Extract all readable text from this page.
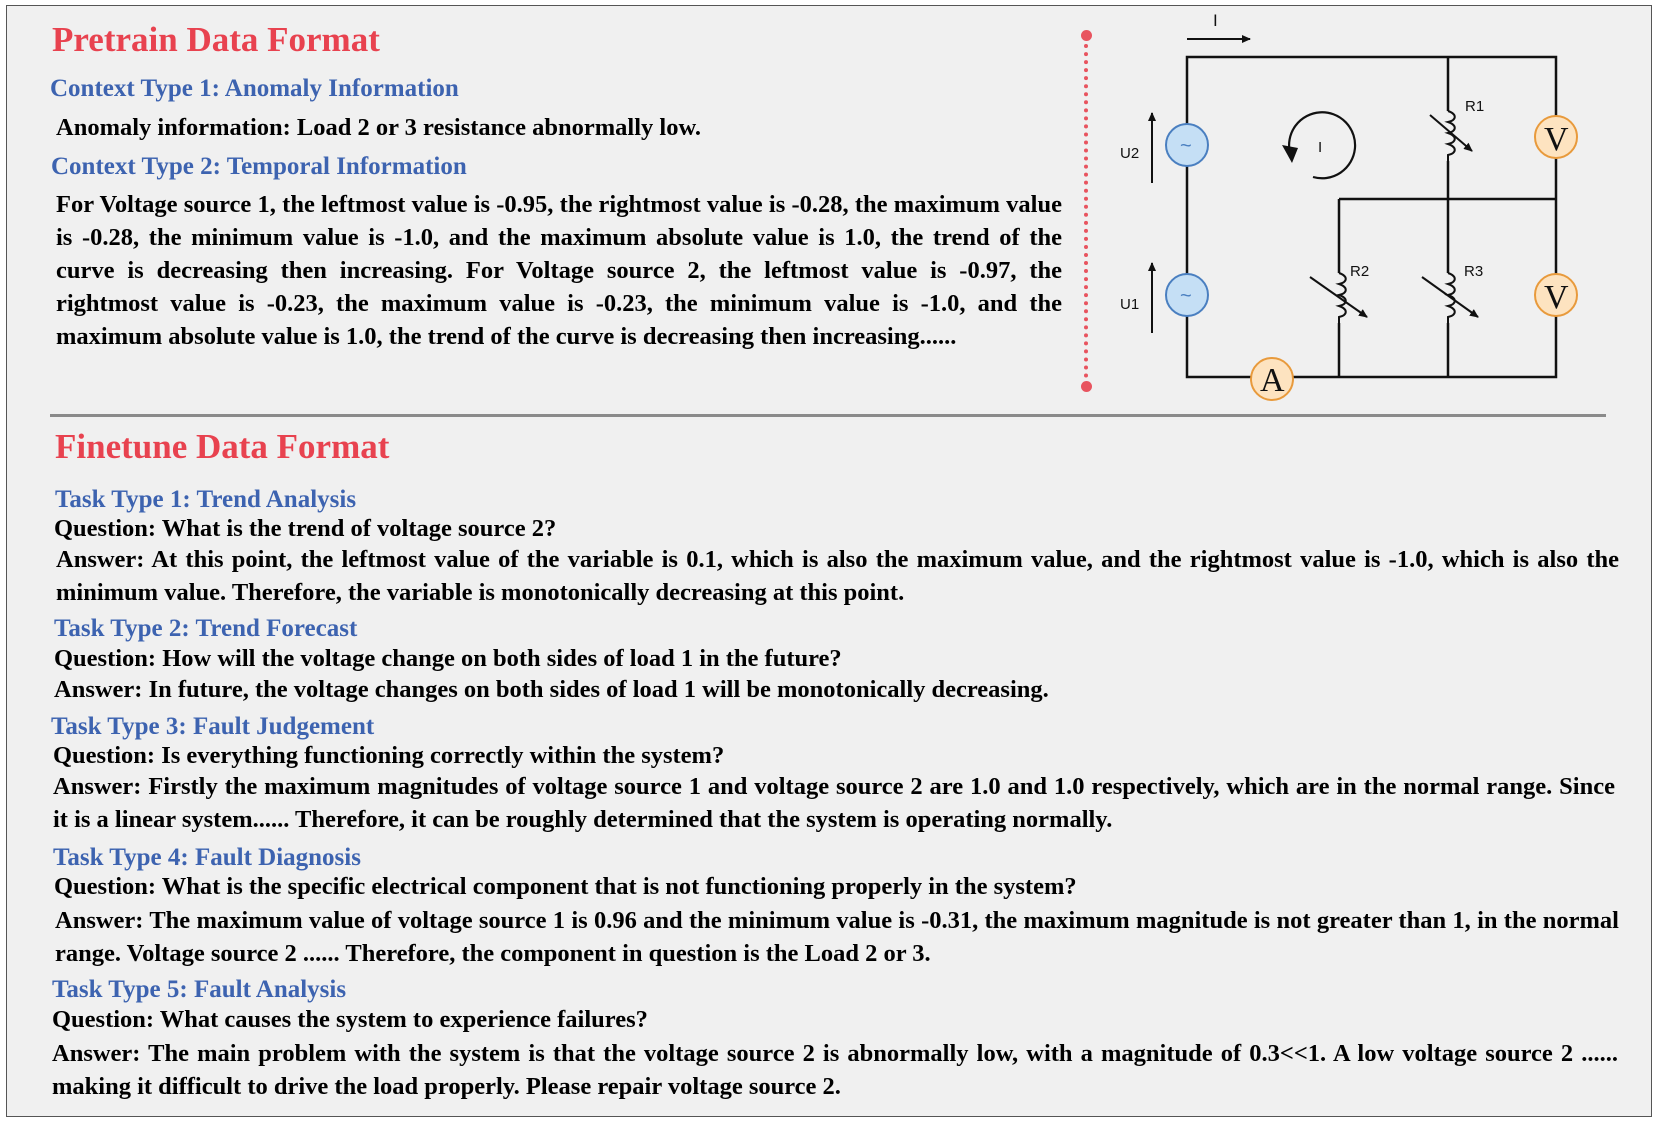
Pretrain Data Format
Context Type 1: Anomaly Information
Anomaly information: Load 2 or 3 resistance abnormally low.
Context Type 2: Temporal Information
For Voltage source 1, the leftmost value is -0.95, the rightmost value is -0.28, the maximum value is -0.28, the minimum value is -1.0, and the maximum absolute value is 1.0, the trend of the curve is decreasing then increasing. For Voltage source 2, the leftmost value is -0.97, the rightmost value is -0.23, the maximum value is -0.23, the minimum value is -1.0, and the maximum absolute value is 1.0, the trend of the curve is decreasing then increasing......
I
I
~
U2
~
U1
R1
R2	R3
V
V
A
Finetune Data Format
Task Type 1: Trend Analysis
Question: What is the trend of voltage source 2?
Answer: At this point, the leftmost value of the variable is 0.1, which is also the maximum value, and the rightmost value is -1.0, which is also the minimum value. Therefore, the variable is monotonically decreasing at this point.
Task Type 2: Trend Forecast
Question: How will the voltage change on both sides of load 1 in the future?
Answer: In future, the voltage changes on both sides of load 1 will be monotonically decreasing.
Task Type 3: Fault Judgement
Question: Is everything functioning correctly within the system?
Answer: Firstly the maximum magnitudes of voltage source 1 and voltage source 2 are 1.0 and 1.0 respectively, which are in the normal range. Since it is a linear system...... Therefore, it can be roughly determined that the system is operating normally.
Task Type 4: Fault Diagnosis
Question: What is the specific electrical component that is not functioning properly in the system?
Answer: The maximum value of voltage source 1 is 0.96 and the minimum value is -0.31, the maximum magnitude is not greater than 1, in the normal range. Voltage source 2 ...... Therefore, the component in question is the Load 2 or 3.
Task Type 5: Fault Analysis
Question: What causes the system to experience failures?
Answer: The main problem with the system is that the voltage source 2 is abnormally low, with a magnitude of 0.3<<1. A low voltage source 2 ...... making it difficult to drive the load properly. Please repair voltage source 2.
